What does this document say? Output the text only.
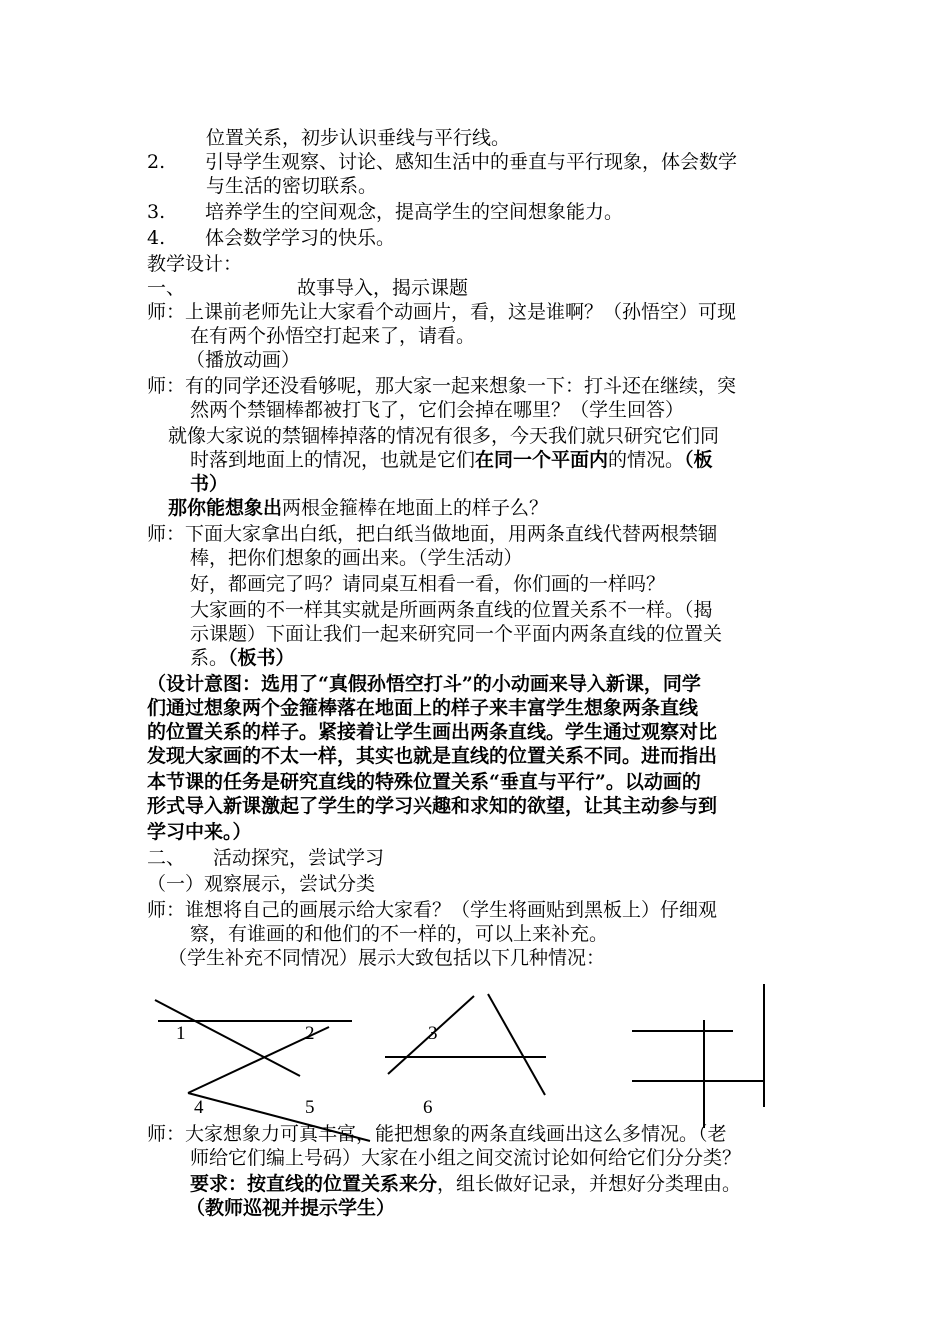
位置关系，初步认识垂线与平行线。
2. 引导学生观察、讨论、感知生活中的垂直与平行现象，体会数学
与生活的密切联系。
3. 培养学生的空间观念，提高学生的空间想象能力。
4. 体会数学学习的快乐。
教学设计：
一、	故事导入，揭示课题
师：上课前老师先让大家看个动画片，看，这是谁啊？（孙悟空）可现
在有两个孙悟空打起来了，请看。
（播放动画）
师：有的同学还没看够呢，那大家一起来想象一下：打斗还在继续，突
然两个禁锢棒都被打飞了，它们会掉在哪里？（学生回答）
就像大家说的禁锢棒掉落的情况有很多，今天我们就只研究它们同
时落到地面上的情况，也就是它们在同一个平面内的情况。（板
书）
那你能想象出两根金箍棒在地面上的样子么？
师：下面大家拿出白纸，把白纸当做地面，用两条直线代替两根禁锢
棒，把你们想象的画出来。（学生活动）
好，都画完了吗？请同桌互相看一看，你们画的一样吗？
大家画的不一样其实就是所画两条直线的位置关系不一样。（揭
示课题）下面让我们一起来研究同一个平面内两条直线的位置关
系。（板书）
（设计意图：选用了“真假孙悟空打斗”的小动画来导入新课，同学
们通过想象两个金箍棒落在地面上的样子来丰富学生想象两条直线
的位置关系的样子。紧接着让学生画出两条直线。学生通过观察对比
发现大家画的不太一样，其实也就是直线的位置关系不同。进而指出
本节课的任务是研究直线的特殊位置关系“垂直与平行”。以动画的
形式导入新课激起了学生的学习兴趣和求知的欲望，让其主动参与到
学习中来。）
二、 活动探究，尝试学习
（一）观察展示，尝试分类
师：谁想将自己的画展示给大家看？（学生将画贴到黑板上）仔细观
察，有谁画的和他们的不一样的，可以上来补充。
（学生补充不同情况）展示大致包括以下几种情况：
1	2	3
4	5	6
师：大家想象力可真丰富，能把想象的两条直线画出这么多情况。（老
师给它们编上号码）大家在小组之间交流讨论如何给它们分分类？
要求：按直线的位置关系来分，组长做好记录，并想好分类理由。
（教师巡视并提示学生）
